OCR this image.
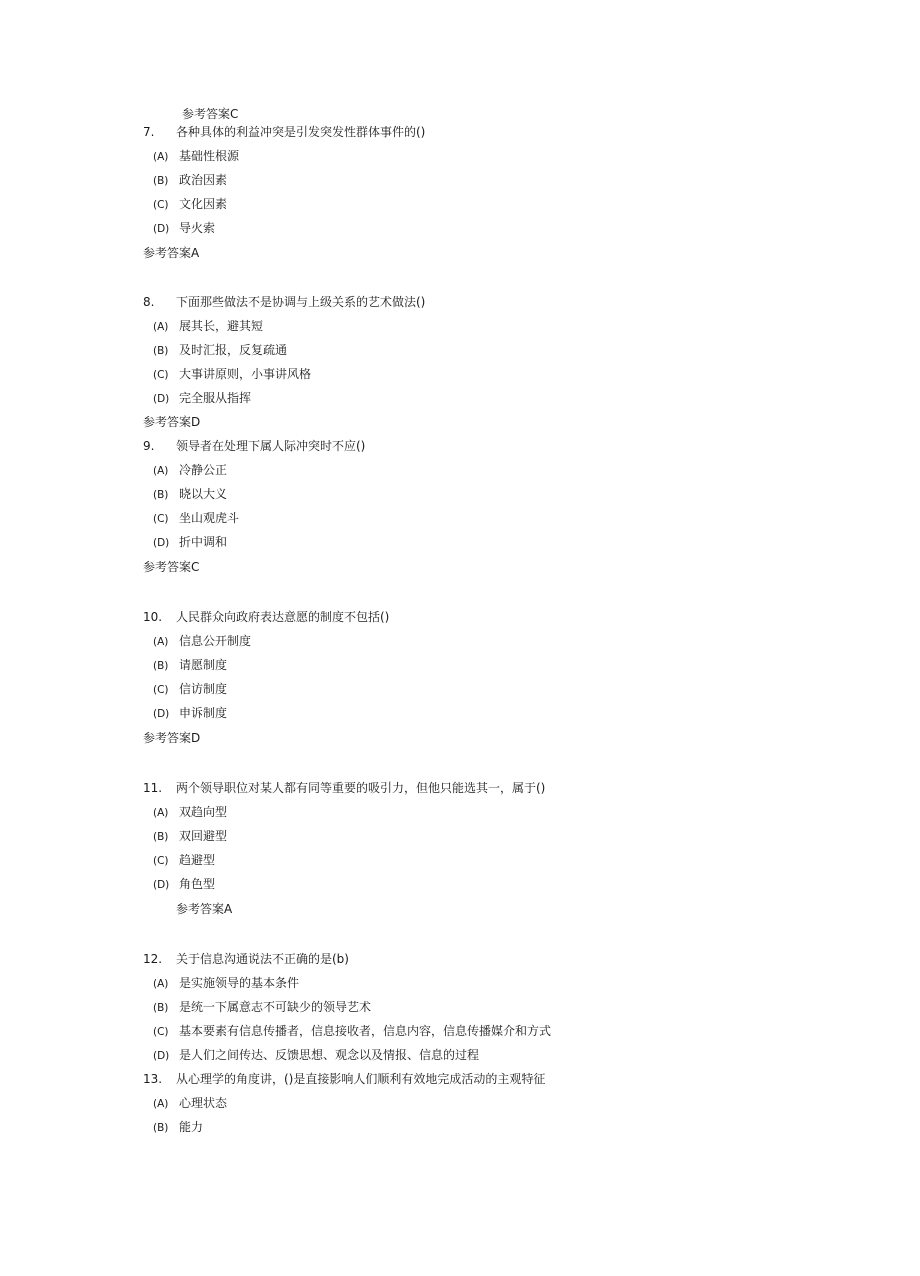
参考答案C
7. 各种具体的利益冲突是引发突发性群体事件的()
(A) 基础性根源
(B) 政治因素
(C) 文化因素
(D) 导火索
参考答案A
8. 下面那些做法不是协调与上级关系的艺术做法()
(A) 展其长，避其短
(B) 及时汇报，反复疏通
(C) 大事讲原则，小事讲风格
(D) 完全服从指挥
参考答案D
9. 领导者在处理下属人际冲突时不应()
(A) 冷静公正
(B) 晓以大义
(C) 坐山观虎斗
(D) 折中调和
参考答案C
10. 人民群众向政府表达意愿的制度不包括()
(A) 信息公开制度
(B) 请愿制度
(C) 信访制度
(D) 申诉制度
参考答案D
11. 两个领导职位对某人都有同等重要的吸引力，但他只能选其一，属于()
(A) 双趋向型
(B) 双回避型
(C) 趋避型
(D) 角色型
参考答案A
12. 关于信息沟通说法不正确的是(b)
(A) 是实施领导的基本条件
(B) 是统一下属意志不可缺少的领导艺术
(C) 基本要素有信息传播者，信息接收者，信息内容，信息传播媒介和方式
(D) 是人们之间传达、反馈思想、观念以及情报、信息的过程
13. 从心理学的角度讲，()是直接影响人们顺利有效地完成活动的主观特征
(A) 心理状态
(B) 能力
